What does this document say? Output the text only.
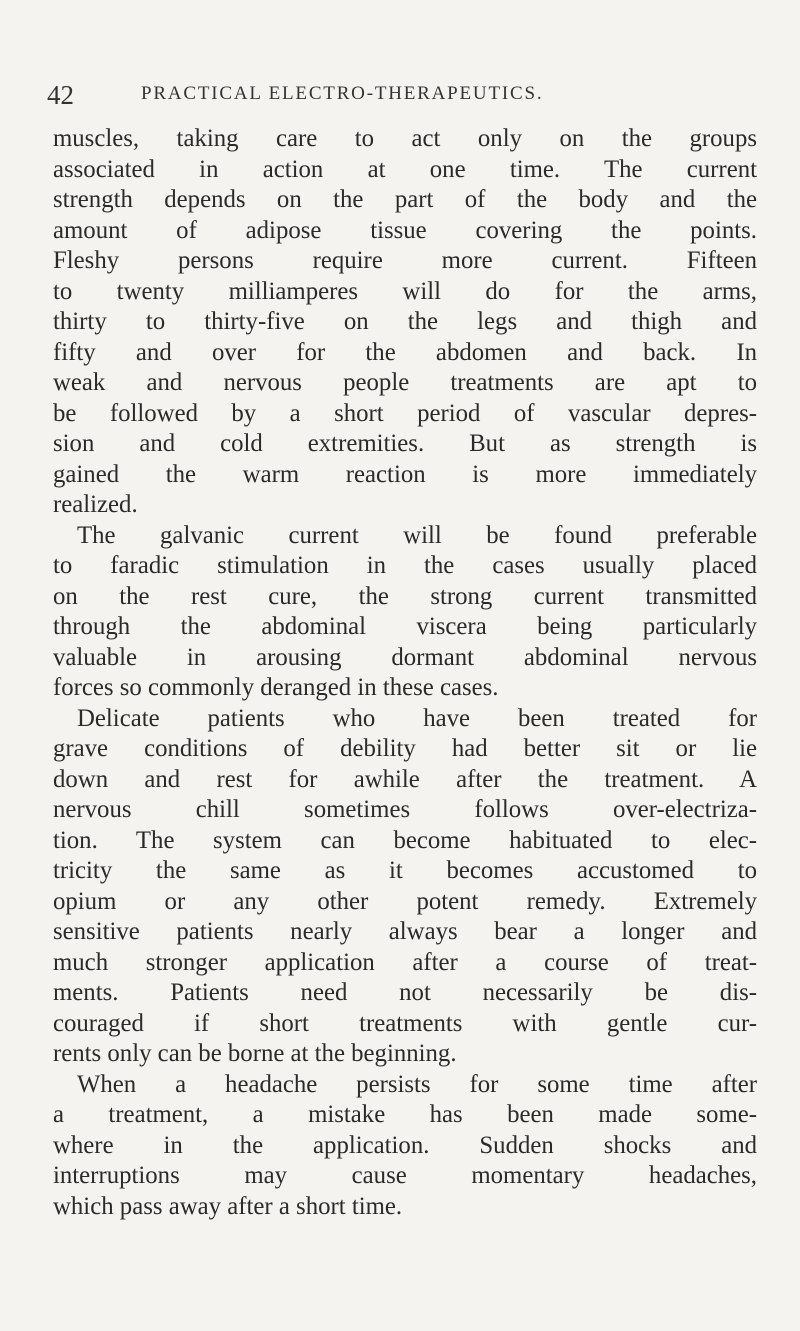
42	PRACTICAL ELECTRO-THERAPEUTICS.
muscles, taking care to act only on the groups
associated in action at one time. The current
strength depends on the part of the body and the
amount of adipose tissue covering the points.
Fleshy persons require more current. Fifteen
to twenty milliamperes will do for the arms,
thirty to thirty-five on the legs and thigh and
fifty and over for the abdomen and back. In
weak and nervous people treatments are apt to
be followed by a short period of vascular depres-
sion and cold extremities. But as strength is
gained the warm reaction is more immediately
realized.
The galvanic current will be found preferable
to faradic stimulation in the cases usually placed
on the rest cure, the strong current transmitted
through the abdominal viscera being particularly
valuable in arousing dormant abdominal nervous
forces so commonly deranged in these cases.
Delicate patients who have been treated for
grave conditions of debility had better sit or lie
down and rest for awhile after the treatment. A
nervous chill sometimes follows over-electriza-
tion. The system can become habituated to elec-
tricity the same as it becomes accustomed to
opium or any other potent remedy. Extremely
sensitive patients nearly always bear a longer and
much stronger application after a course of treat-
ments. Patients need not necessarily be dis-
couraged if short treatments with gentle cur-
rents only can be borne at the beginning.
When a headache persists for some time after
a treatment, a mistake has been made some-
where in the application. Sudden shocks and
interruptions may cause momentary headaches,
which pass away after a short time.
